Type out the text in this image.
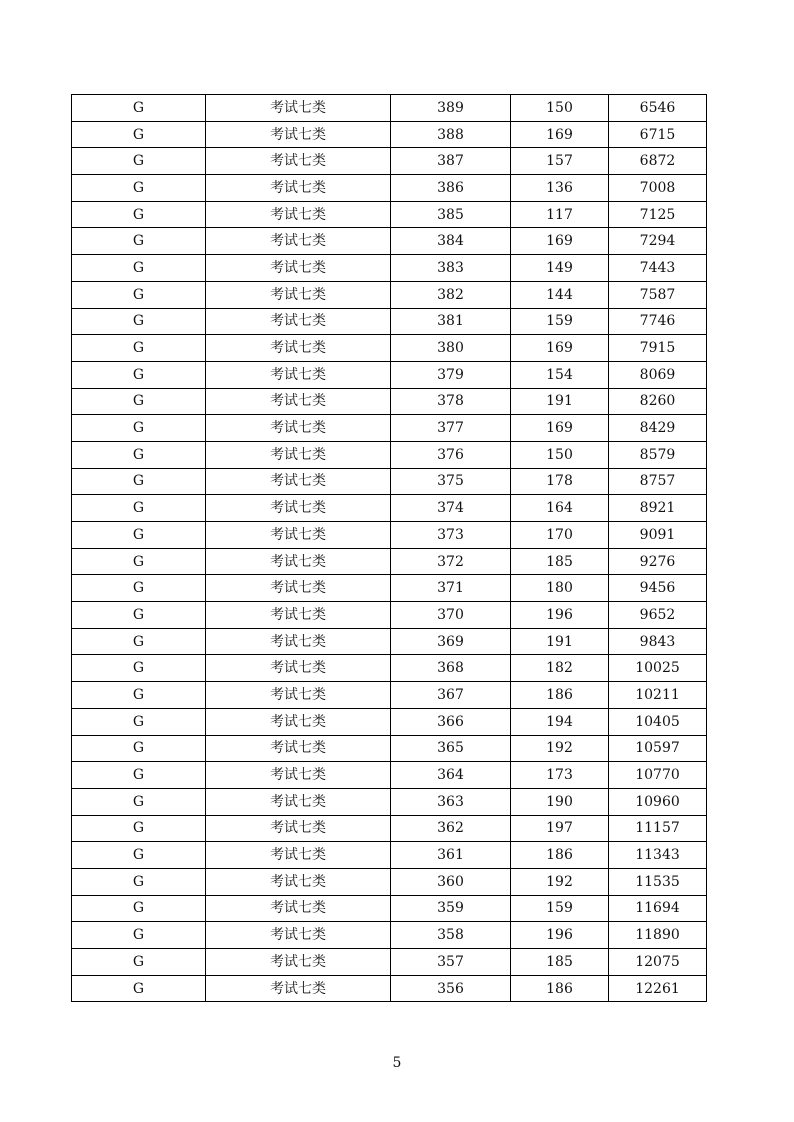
G	考试七类	389	150	6546
G	考试七类	388	169	6715
G	考试七类	387	157	6872
G	考试七类	386	136	7008
G	考试七类	385	117	7125
G	考试七类	384	169	7294
G	考试七类	383	149	7443
G	考试七类	382	144	7587
G	考试七类	381	159	7746
G	考试七类	380	169	7915
G	考试七类	379	154	8069
G	考试七类	378	191	8260
G	考试七类	377	169	8429
G	考试七类	376	150	8579
G	考试七类	375	178	8757
G	考试七类	374	164	8921
G	考试七类	373	170	9091
G	考试七类	372	185	9276
G	考试七类	371	180	9456
G	考试七类	370	196	9652
G	考试七类	369	191	9843
G	考试七类	368	182	10025
G	考试七类	367	186	10211
G	考试七类	366	194	10405
G	考试七类	365	192	10597
G	考试七类	364	173	10770
G	考试七类	363	190	10960
G	考试七类	362	197	11157
G	考试七类	361	186	11343
G	考试七类	360	192	11535
G	考试七类	359	159	11694
G	考试七类	358	196	11890
G	考试七类	357	185	12075
G	考试七类	356	186	12261
5
